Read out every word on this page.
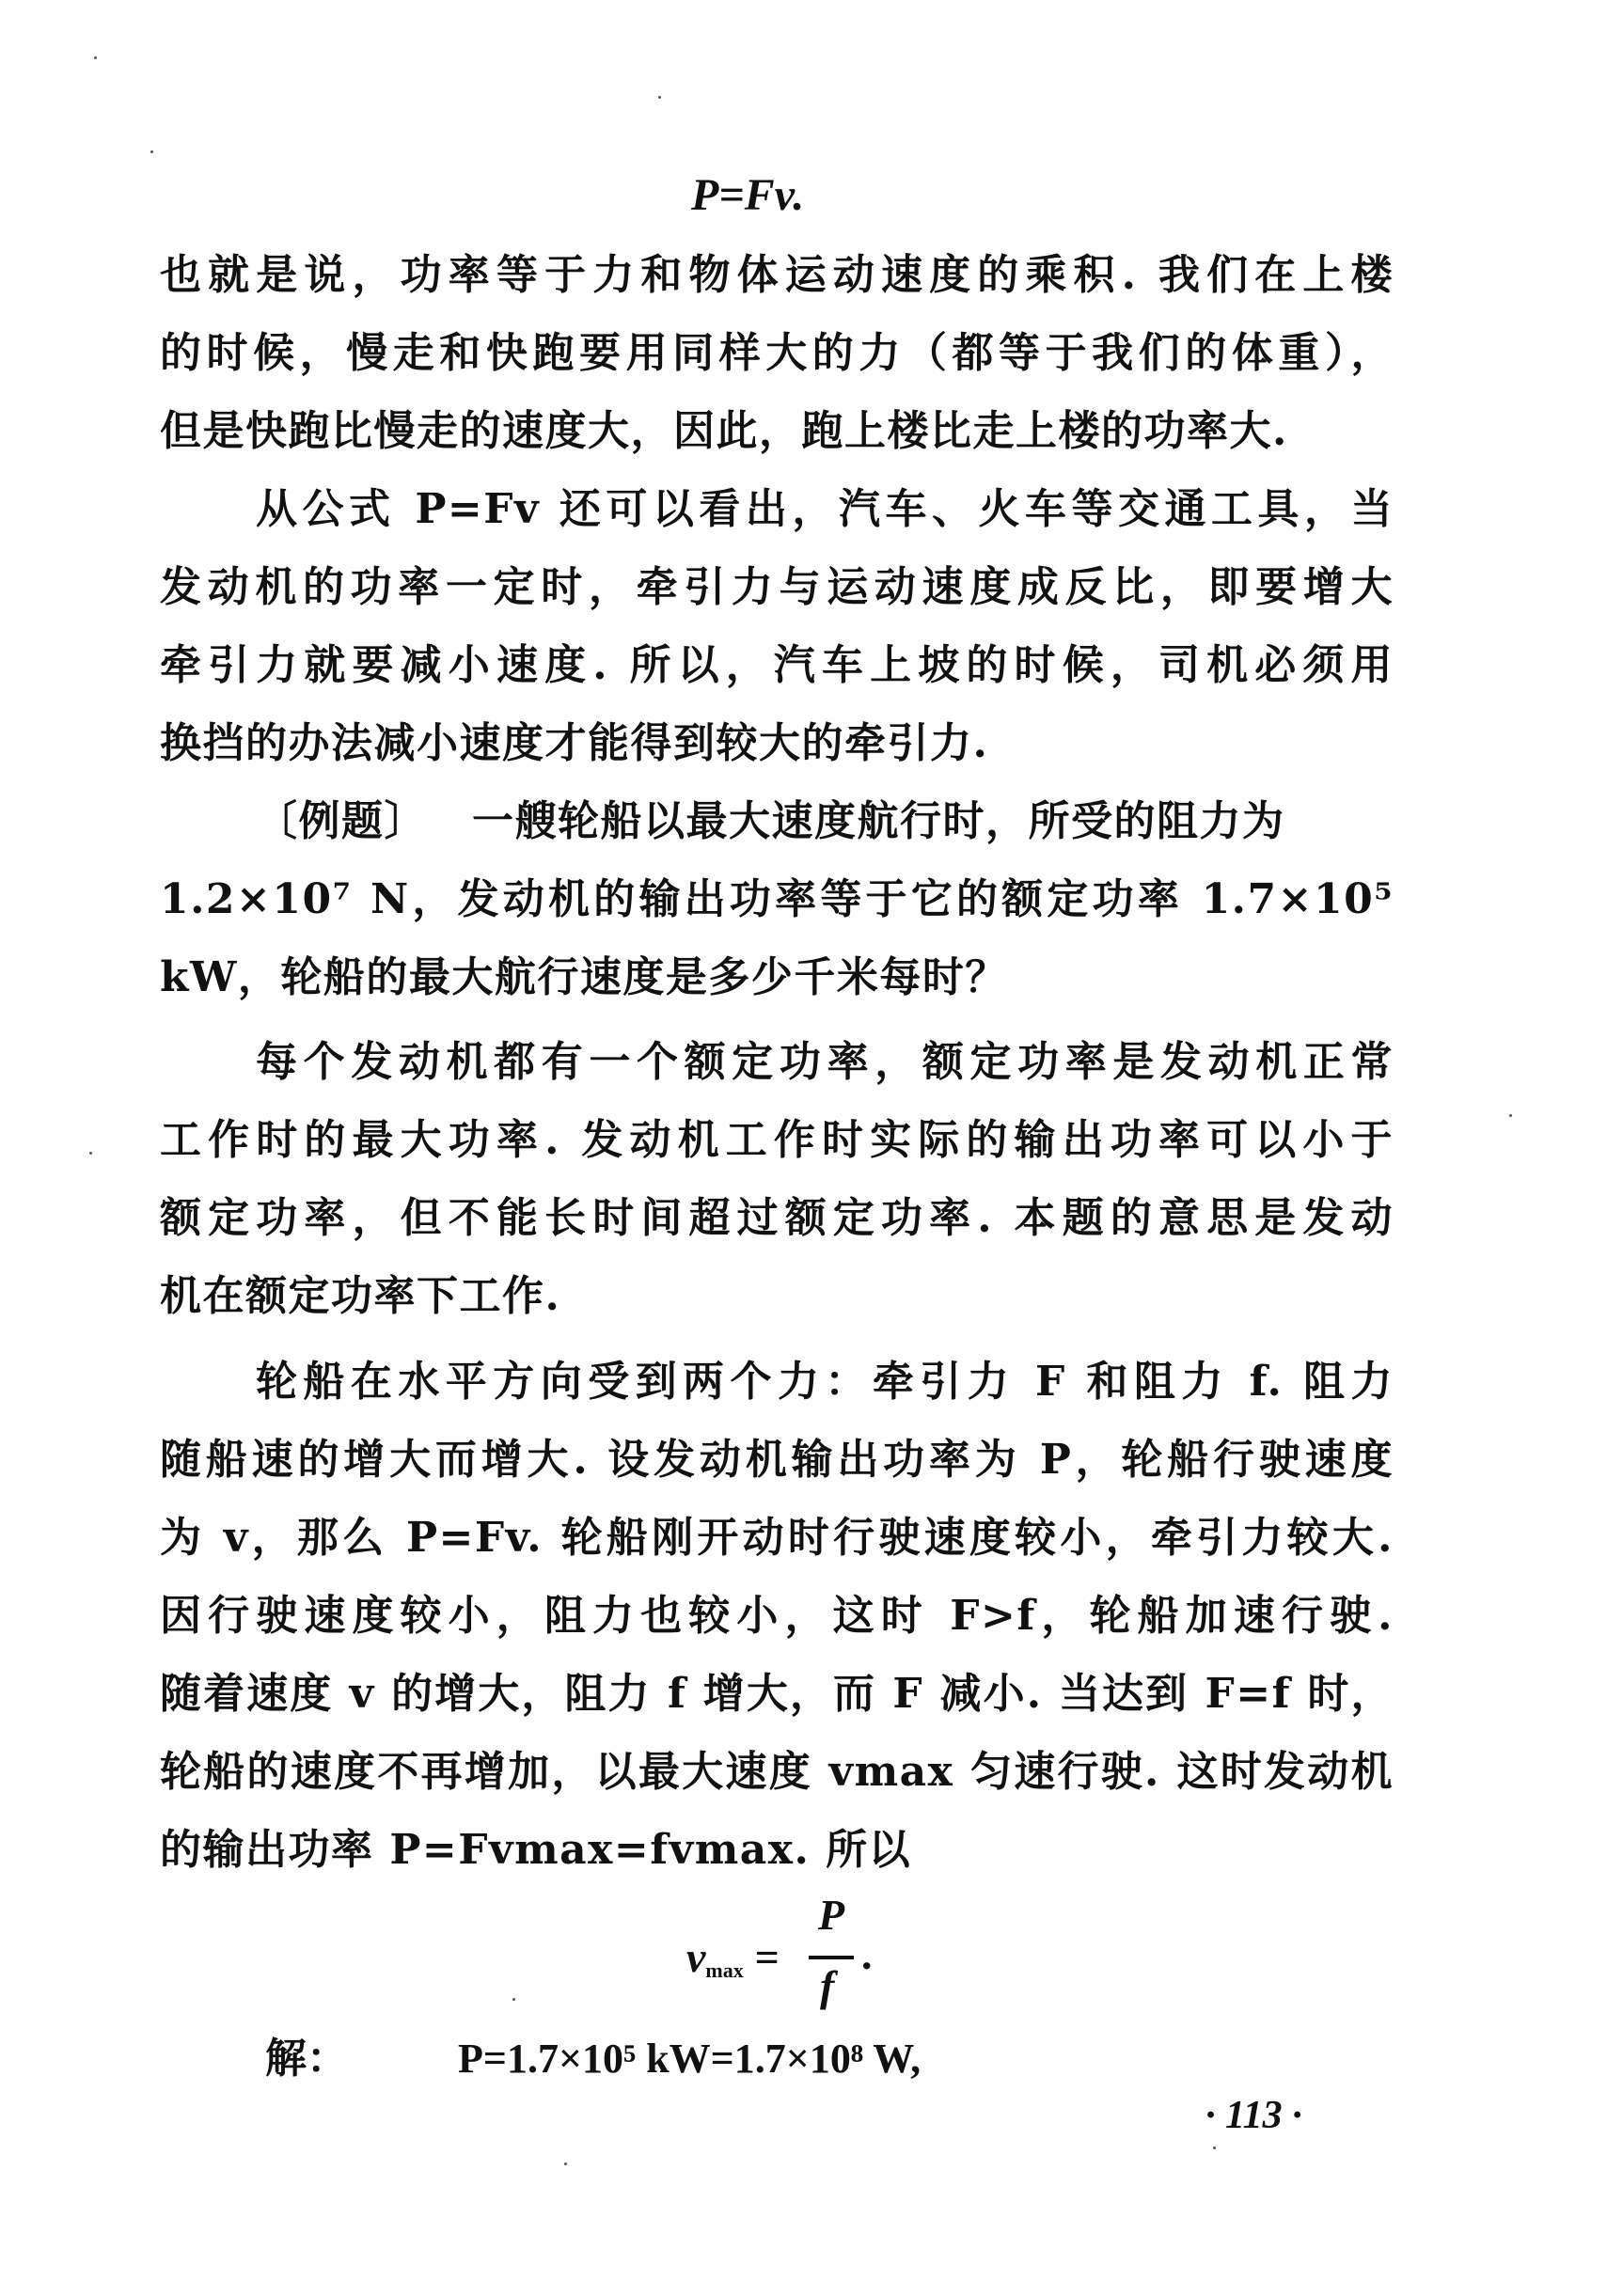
P=Fv.
也就是说，功率等于力和物体运动速度的乘积. 我们在上楼
的时候，慢走和快跑要用同样大的力（都等于我们的体重），
但是快跑比慢走的速度大，因此，跑上楼比走上楼的功率大.
从公式 P=Fv 还可以看出，汽车、火车等交通工具，当
发动机的功率一定时，牵引力与运动速度成反比，即要增大
牵引力就要减小速度. 所以，汽车上坡的时候，司机必须用
换挡的办法减小速度才能得到较大的牵引力.
〔例题〕 一艘轮船以最大速度航行时，所受的阻力为
1.2×10⁷ N，发动机的输出功率等于它的额定功率 1.7×10⁵
kW，轮船的最大航行速度是多少千米每时？
每个发动机都有一个额定功率，额定功率是发动机正常
工作时的最大功率. 发动机工作时实际的输出功率可以小于
额定功率，但不能长时间超过额定功率. 本题的意思是发动
机在额定功率下工作.
轮船在水平方向受到两个力：牵引力 F 和阻力 f. 阻力
随船速的增大而增大. 设发动机输出功率为 P，轮船行驶速度
为 v，那么 P=Fv. 轮船刚开动时行驶速度较小，牵引力较大.
因行驶速度较小，阻力也较小，这时 F>f，轮船加速行驶.
随着速度 v 的增大，阻力 f 增大，而 F 减小. 当达到 F=f 时，
轮船的速度不再增加，以最大速度 vmax 匀速行驶. 这时发动机
的输出功率 P=Fvmax=fvmax. 所以
$v_{max}$ =
P
f
.
解：	P=1.7×10⁵ kW=1.7×10⁸ W,
· 113 ·
